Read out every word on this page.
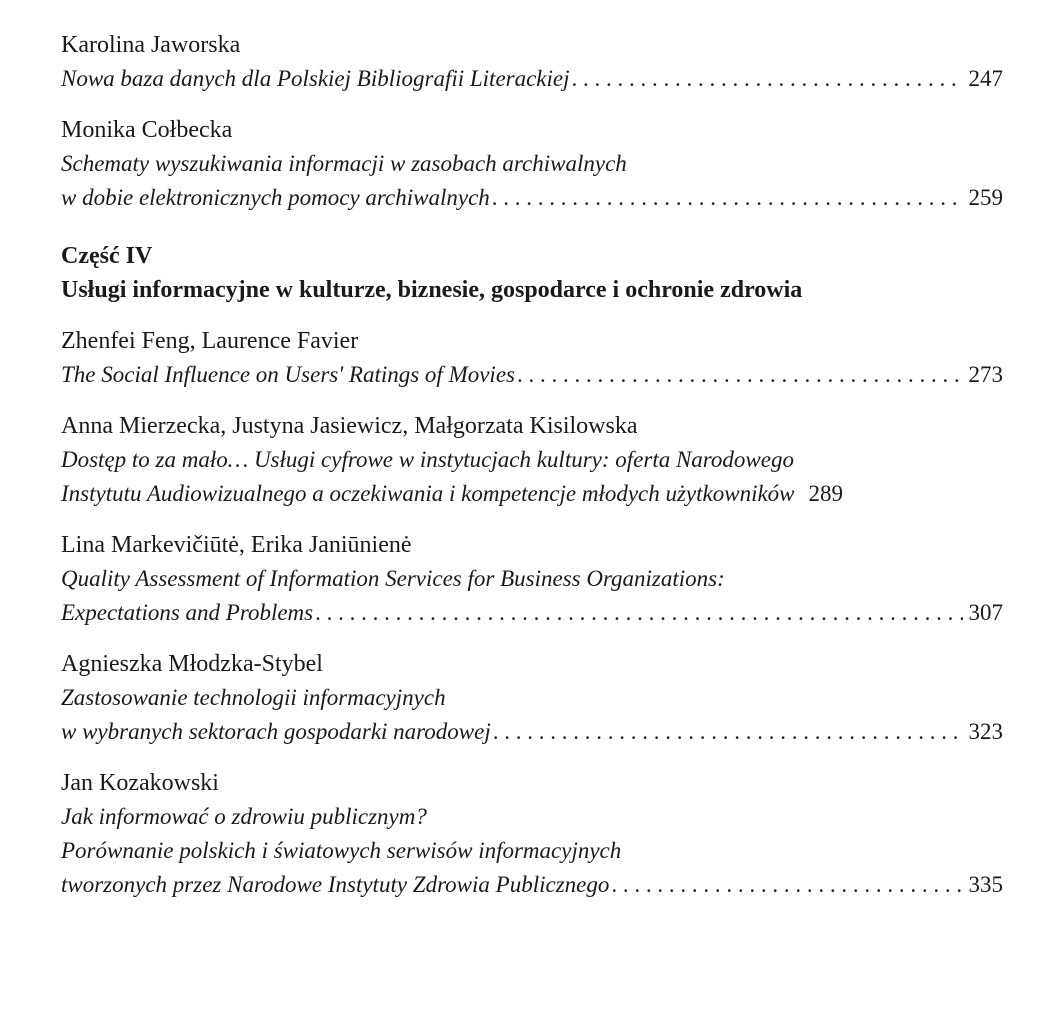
Karolina Jaworska
Nowa baza danych dla Polskiej Bibliografii Literackiej . . .	247
Monika Cołbecka
Schematy wyszukiwania informacji w zasobach archiwalnych
w dobie elektronicznych pomocy archiwalnych . . .	259
Część IV
Usługi informacyjne w kulturze, biznesie, gospodarce i ochronie zdrowia
Zhenfei Feng, Laurence Favier
The Social Influence on Users' Ratings of Movies . . .	273
Anna Mierzecka, Justyna Jasiewicz, Małgorzata Kisilowska
Dostęp to za mało… Usługi cyfrowe w instytucjach kultury: oferta Narodowego
Instytutu Audiowizualnego a oczekiwania i kompetencje młodych użytkowników 289
Lina Markevičiūtė, Erika Janiūnienė
Quality Assessment of Information Services for Business Organizations:
Expectations and Problems . . .	307
Agnieszka Młodzka-Stybel
Zastosowanie technologii informacyjnych
w wybranych sektorach gospodarki narodowej . . .	323
Jan Kozakowski
Jak informować o zdrowiu publicznym?
Porównanie polskich i światowych serwisów informacyjnych
tworzonych przez Narodowe Instytuty Zdrowia Publicznego . . .	335
